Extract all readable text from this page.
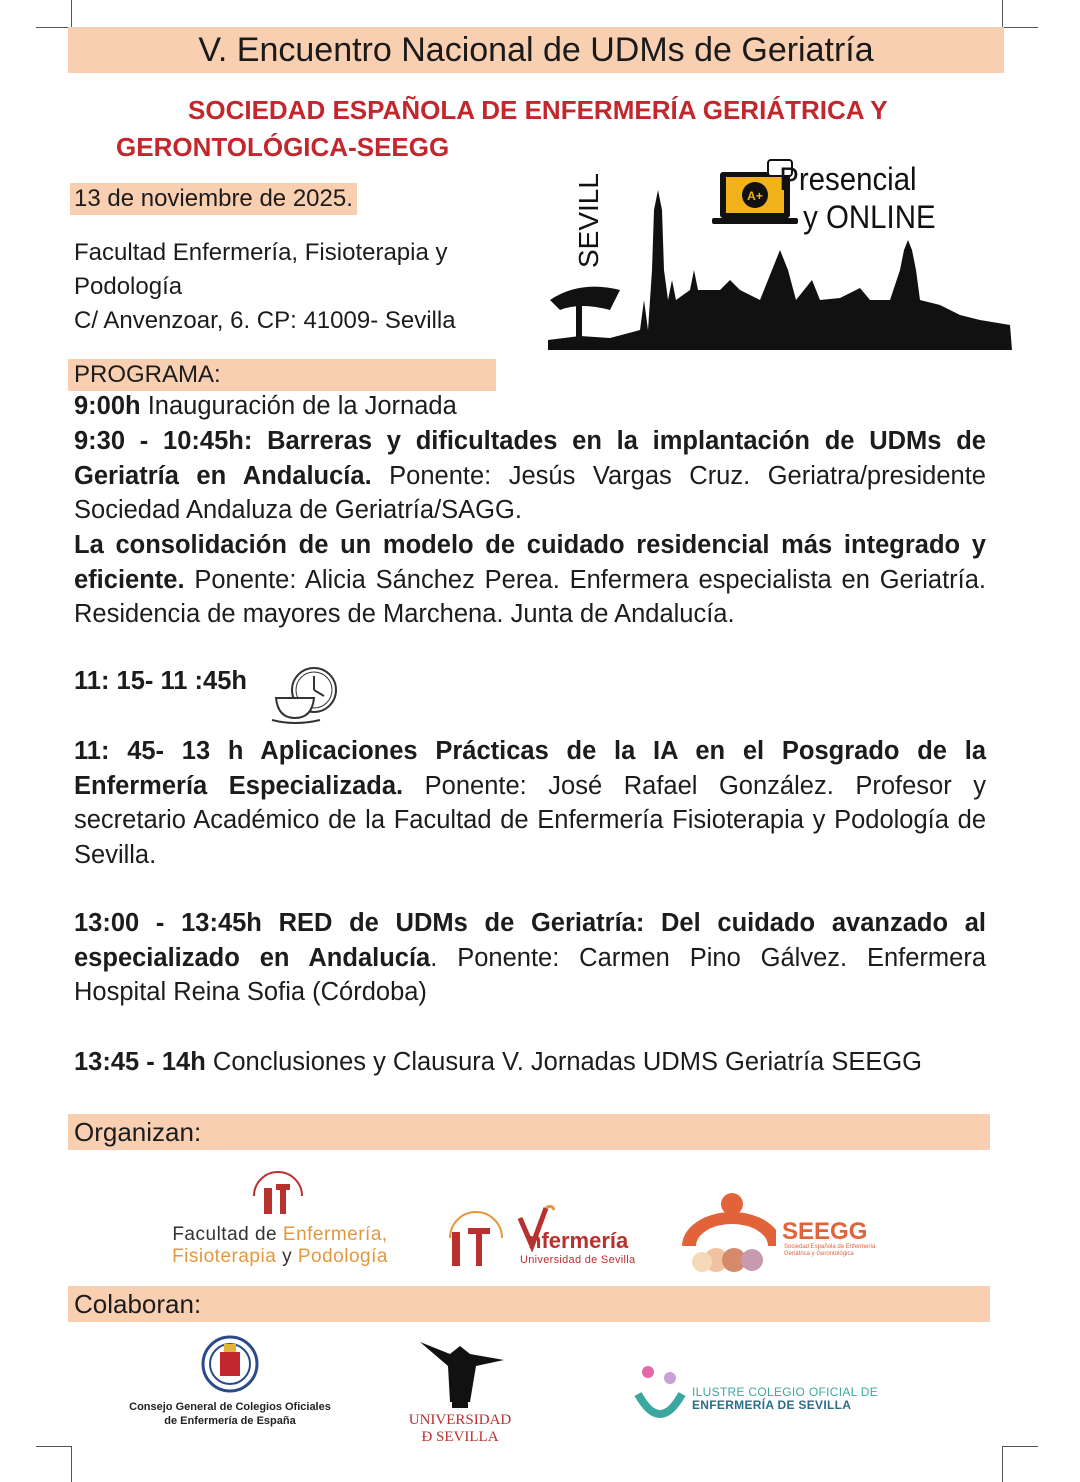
V. Encuentro Nacional de UDMs de Geriatría
SOCIEDAD ESPAÑOLA DE ENFERMERÍA GERIÁTRICA Y
GERONTOLÓGICA-SEEGG
13 de noviembre de 2025.
Facultad Enfermería, Fisioterapia y
Podología
C/ Anvenzoar, 6. CP: 41009- Sevilla
SEVILL	A+ Presencial
y ONLINE
PROGRAMA:
9:00h Inauguración de la Jornada
9:30 - 10:45h: Barreras y dificultades en la implantación de UDMs de Geriatría en Andalucía. Ponente: Jesús Vargas Cruz. Geriatra/presidente Sociedad Andaluza de Geriatría/SAGG.
La consolidación de un modelo de cuidado residencial más integrado y eficiente. Ponente: Alicia Sánchez Perea. Enfermera especialista en Geriatría. Residencia de mayores de Marchena. Junta de Andalucía.
11: 15- 11 :45h
11: 45- 13 h Aplicaciones Prácticas de la IA en el Posgrado de la Enfermería Especializada. Ponente: José Rafael González. Profesor y secretario Académico de la Facultad de Enfermería Fisioterapia y Podología de Sevilla.
13:00 - 13:45h RED de UDMs de Geriatría: Del cuidado avanzado al especializado en Andalucía. Ponente: Carmen Pino Gálvez. Enfermera Hospital Reina Sofia (Córdoba)
13:45 - 14h Conclusiones y Clausura V. Jornadas UDMS Geriatría SEEGG
Organizan:
Facultad de Enfermería,
Fisioterapia y Podología
nfermería
Universidad de Sevilla
SEEGG
Sociedad Española de Enfermería Geriátrica y Gerontológica
Colaboran:
Consejo General de Colegios Oficiales
de Enfermería de España	UNIVERSIDAD
Ð SEVILLA
ILUSTRE COLEGIO OFICIAL DE
ENFERMERÍA DE SEVILLA
